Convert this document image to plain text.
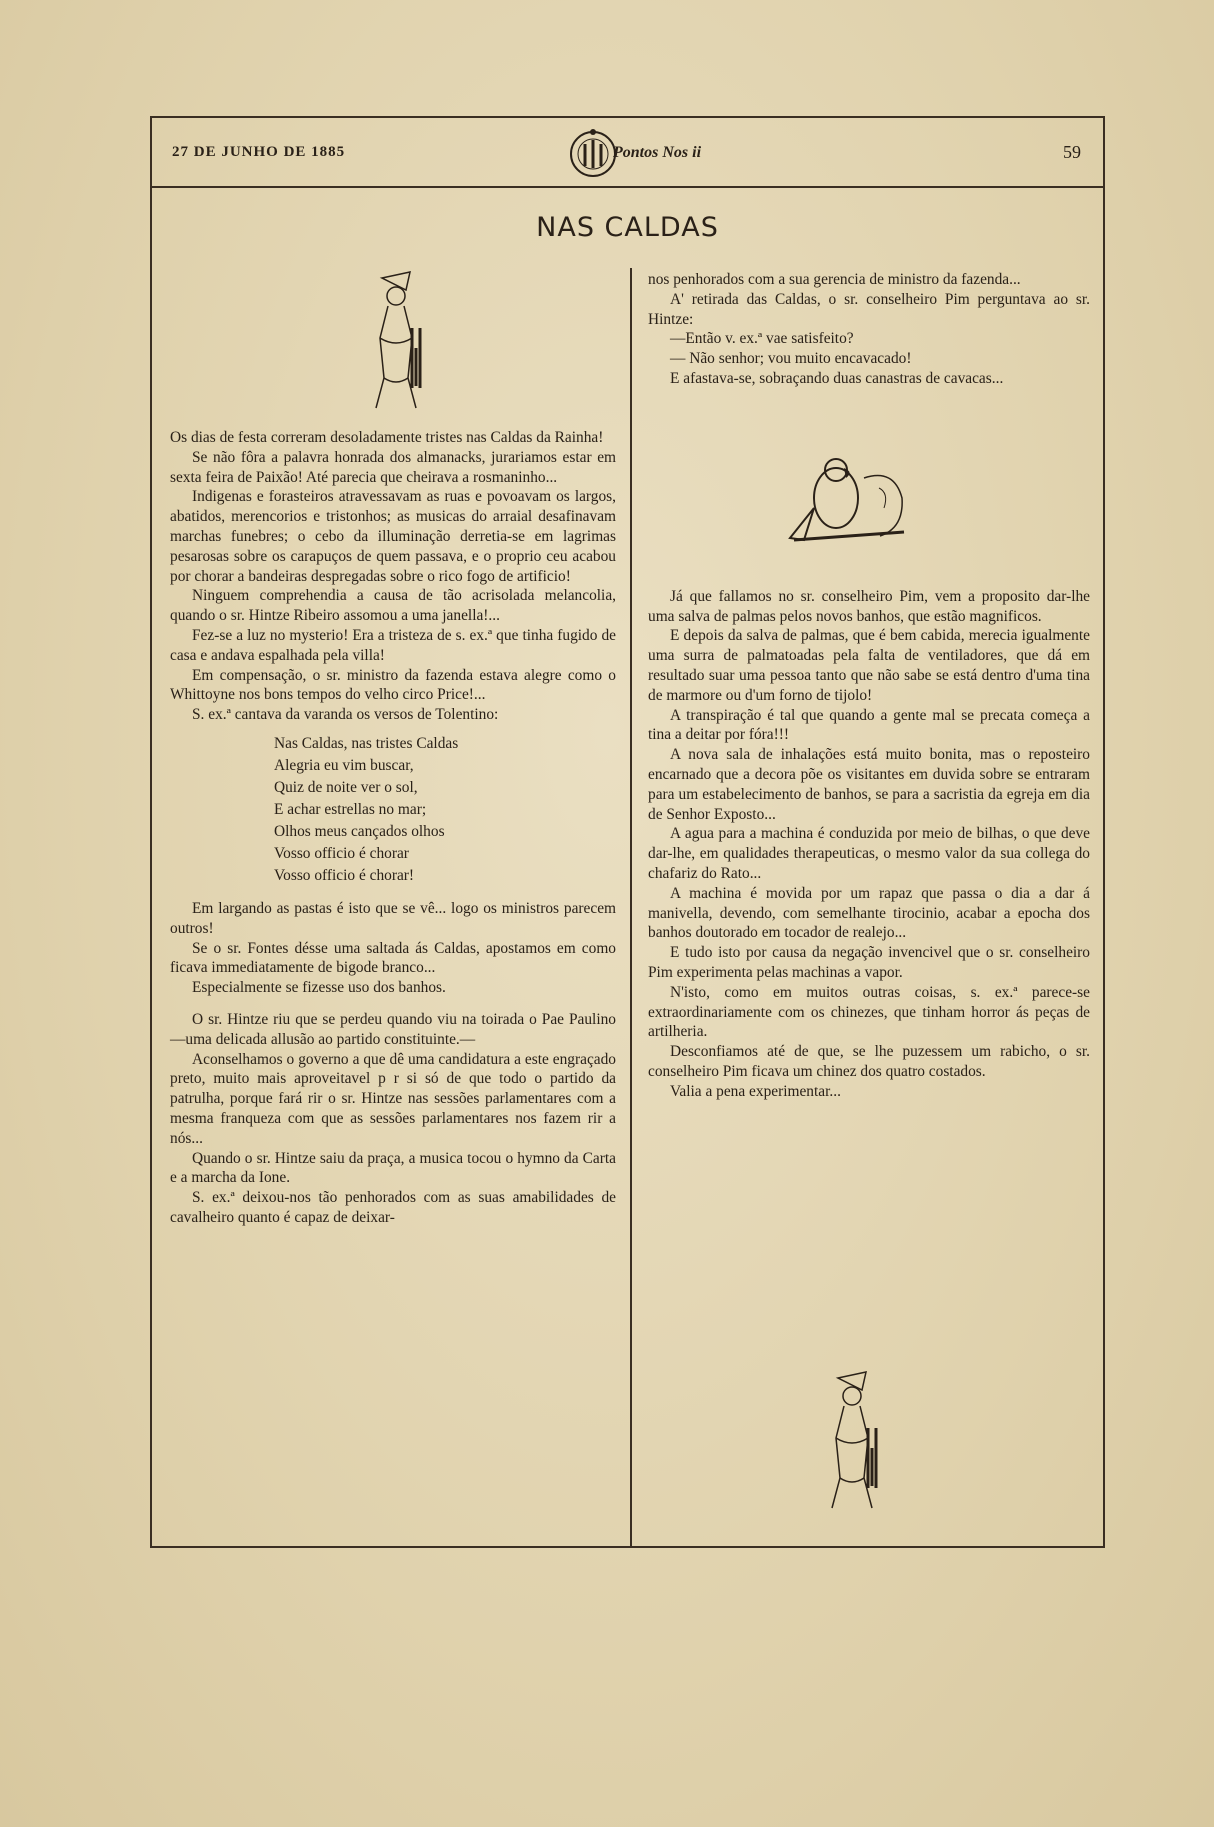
27 DE JUNHO DE 1885	Pontos Nos ii	59
NAS CALDAS

Os dias de festa correram desoladamente tristes nas Caldas da Rainha!

Se não fôra a palavra honrada dos almanacks, jurariamos estar em sexta feira de Paixão! Até parecia que cheirava a rosmaninho...

Indigenas e forasteiros atravessavam as ruas e povoavam os largos, abatidos, merencorios e tristonhos; as musicas do arraial desafinavam marchas funebres; o cebo da illuminação derretia-se em lagrimas pesarosas sobre os carapuços de quem passava, e o proprio ceu acabou por chorar a bandeiras despregadas sobre o rico fogo de artificio!

Ninguem comprehendia a causa de tão acrisolada melancolia, quando o sr. Hintze Ribeiro assomou a uma janella!...

Fez-se a luz no mysterio! Era a tristeza de s. ex.ª que tinha fugido de casa e andava espalhada pela villa!

Em compensação, o sr. ministro da fazenda estava alegre como o Whittoyne nos bons tempos do velho circo Price!...

S. ex.ª cantava da varanda os versos de Tolentino:

Nas Caldas, nas tristes Caldas
Alegria eu vim buscar,
Quiz de noite ver o sol,
E achar estrellas no mar;
Olhos meus cançados olhos
Vosso officio é chorar
Vosso officio é chorar!

Em largando as pastas é isto que se vê... logo os ministros parecem outros!

Se o sr. Fontes désse uma saltada ás Caldas, apostamos em como ficava immediatamente de bigode branco...

Especialmente se fizesse uso dos banhos.

O sr. Hintze riu que se perdeu quando viu na toirada o Pae Paulino—uma delicada allusão ao partido constituinte.—

Aconselhamos o governo a que dê uma candidatura a este engraçado preto, muito mais aproveitavel p r si só de que todo o partido da patrulha, porque fará rir o sr. Hintze nas sessões parlamentares com a mesma franqueza com que as sessões parlamentares nos fazem rir a nós...

Quando o sr. Hintze saiu da praça, a musica tocou o hymno da Carta e a marcha da Ione.

S. ex.ª deixou-nos tão penhorados com as suas amabilidades de cavalheiro quanto é capaz de deixar-

nos penhorados com a sua gerencia de ministro da fazenda...

A' retirada das Caldas, o sr. conselheiro Pim perguntava ao sr. Hintze:

—Então v. ex.ª vae satisfeito?

— Não senhor; vou muito encavacado!

E afastava-se, sobraçando duas canastras de cavacas...

Já que fallamos no sr. conselheiro Pim, vem a proposito dar-lhe uma salva de palmas pelos novos banhos, que estão magnificos.

E depois da salva de palmas, que é bem cabida, merecia igualmente uma surra de palmatoadas pela falta de ventiladores, que dá em resultado suar uma pessoa tanto que não sabe se está dentro d'uma tina de marmore ou d'um forno de tijolo!

A transpiração é tal que quando a gente mal se precata começa a tina a deitar por fóra!!!

A nova sala de inhalações está muito bonita, mas o reposteiro encarnado que a decora põe os visitantes em duvida sobre se entraram para um estabelecimento de banhos, se para a sacristia da egreja em dia de Senhor Exposto...

A agua para a machina é conduzida por meio de bilhas, o que deve dar-lhe, em qualidades therapeuticas, o mesmo valor da sua collega do chafariz do Rato...

A machina é movida por um rapaz que passa o dia a dar á manivella, devendo, com semelhante tirocinio, acabar a epocha dos banhos doutorado em tocador de realejo...

E tudo isto por causa da negação invencivel que o sr. conselheiro Pim experimenta pelas machinas a vapor.

N'isto, como em muitos outras coisas, s. ex.ª parece-se extraordinariamente com os chinezes, que tinham horror ás peças de artilheria.

Desconfiamos até de que, se lhe puzessem um rabicho, o sr. conselheiro Pim ficava um chinez dos quatro costados.

Valia a pena experimentar...
